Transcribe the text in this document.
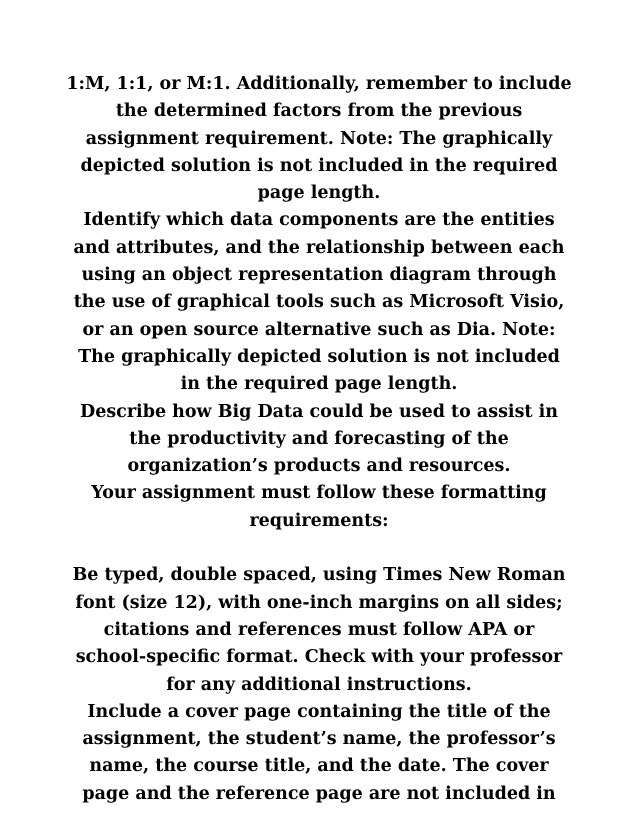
1:M, 1:1, or M:1. Additionally, remember to include
the determined factors from the previous
assignment requirement. Note: The graphically
depicted solution is not included in the required
page length.
Identify which data components are the entities
and attributes, and the relationship between each
using an object representation diagram through
the use of graphical tools such as Microsoft Visio,
or an open source alternative such as Dia. Note:
The graphically depicted solution is not included
in the required page length.
Describe how Big Data could be used to assist in
the productivity and forecasting of the
organization’s products and resources.
Your assignment must follow these formatting
requirements:
Be typed, double spaced, using Times New Roman
font (size 12), with one-inch margins on all sides;
citations and references must follow APA or
school-specific format. Check with your professor
for any additional instructions.
Include a cover page containing the title of the
assignment, the student’s name, the professor’s
name, the course title, and the date. The cover
page and the reference page are not included in
